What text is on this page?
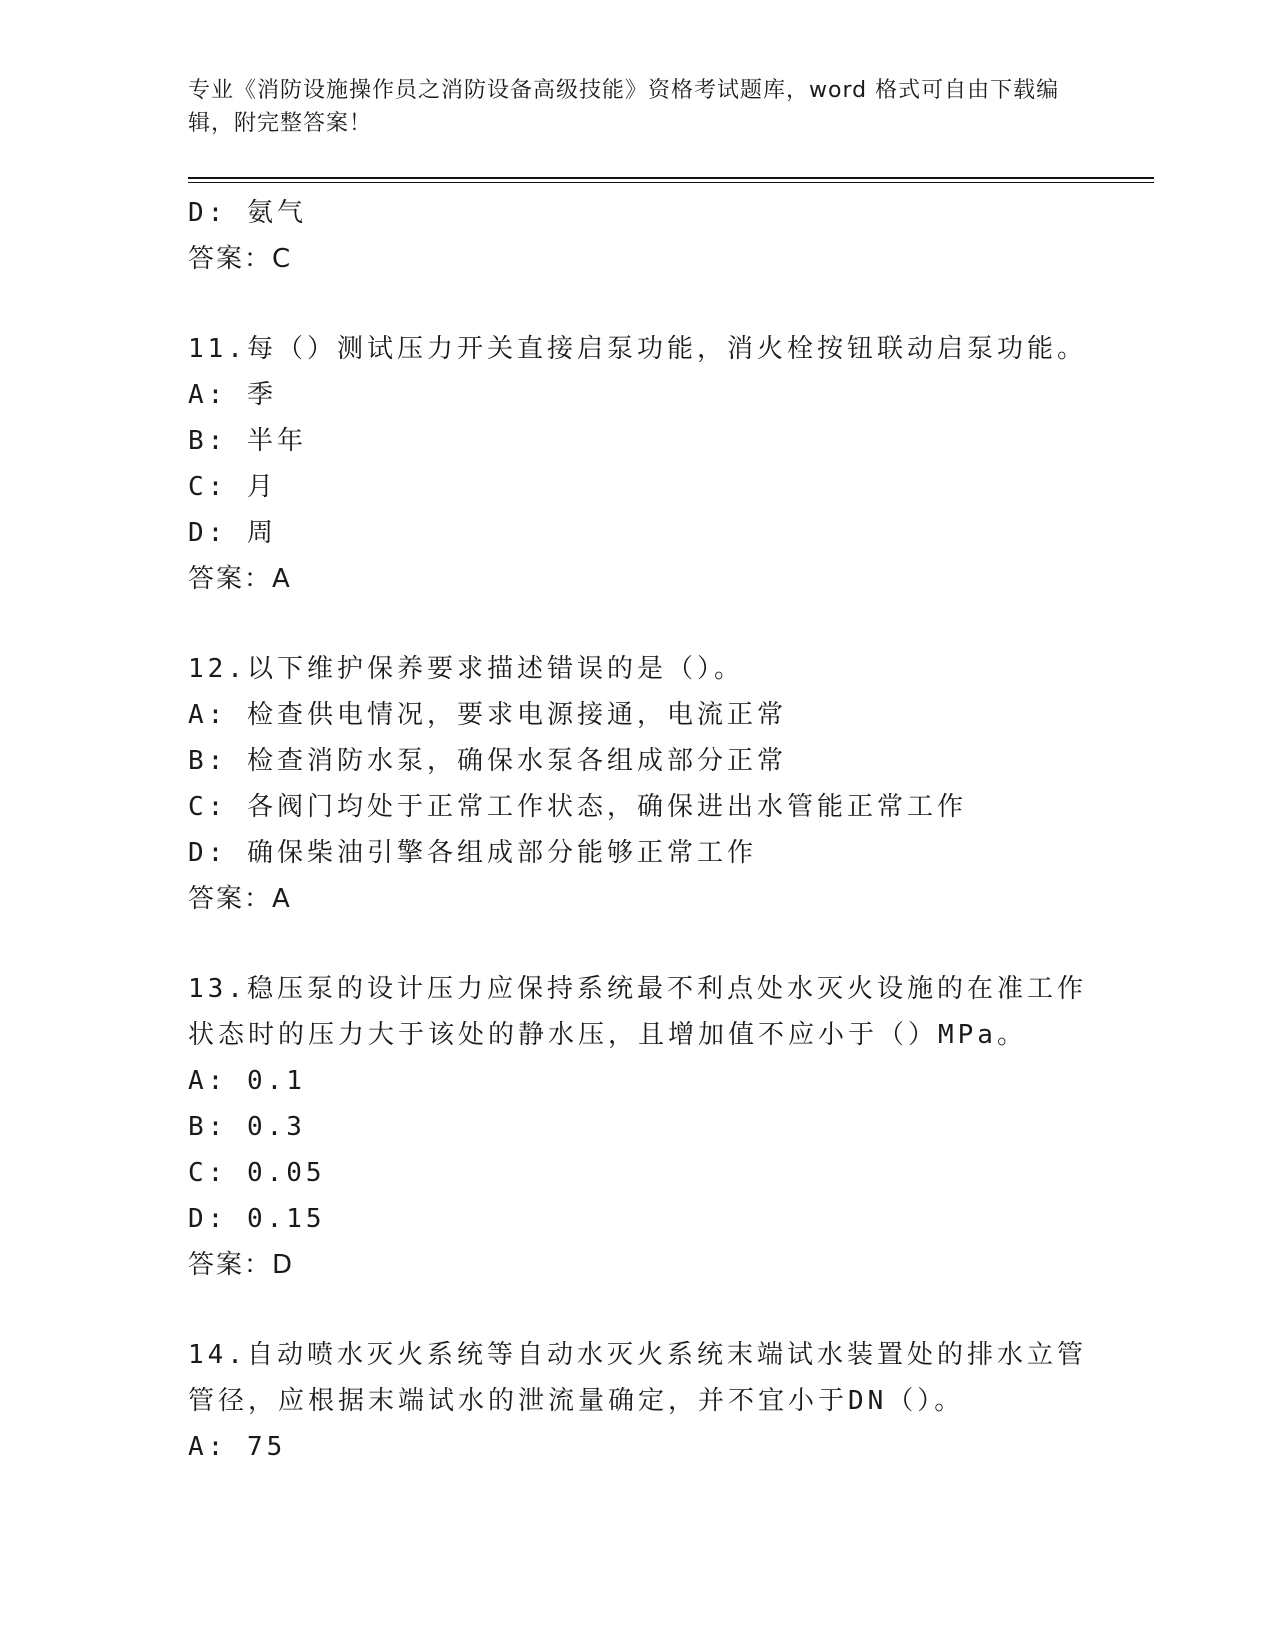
专业《消防设施操作员之消防设备高级技能》资格考试题库，word 格式可自由下载编辑，附完整答案！
D: 氨气
答案：C
11.每（）测试压力开关直接启泵功能，消火栓按钮联动启泵功能。
A: 季
B: 半年
C: 月
D: 周
答案：A
12.以下维护保养要求描述错误的是（）。
A: 检查供电情况，要求电源接通，电流正常
B: 检查消防水泵，确保水泵各组成部分正常
C: 各阀门均处于正常工作状态，确保进出水管能正常工作
D: 确保柴油引擎各组成部分能够正常工作
答案：A
13.稳压泵的设计压力应保持系统最不利点处水灭火设施的在准工作状态时的压力大于该处的静水压，且增加值不应小于（）MPa。
A: 0.1
B: 0.3
C: 0.05
D: 0.15
答案：D
14.自动喷水灭火系统等自动水灭火系统末端试水装置处的排水立管管径，应根据末端试水的泄流量确定，并不宜小于DN（）。
A: 75
